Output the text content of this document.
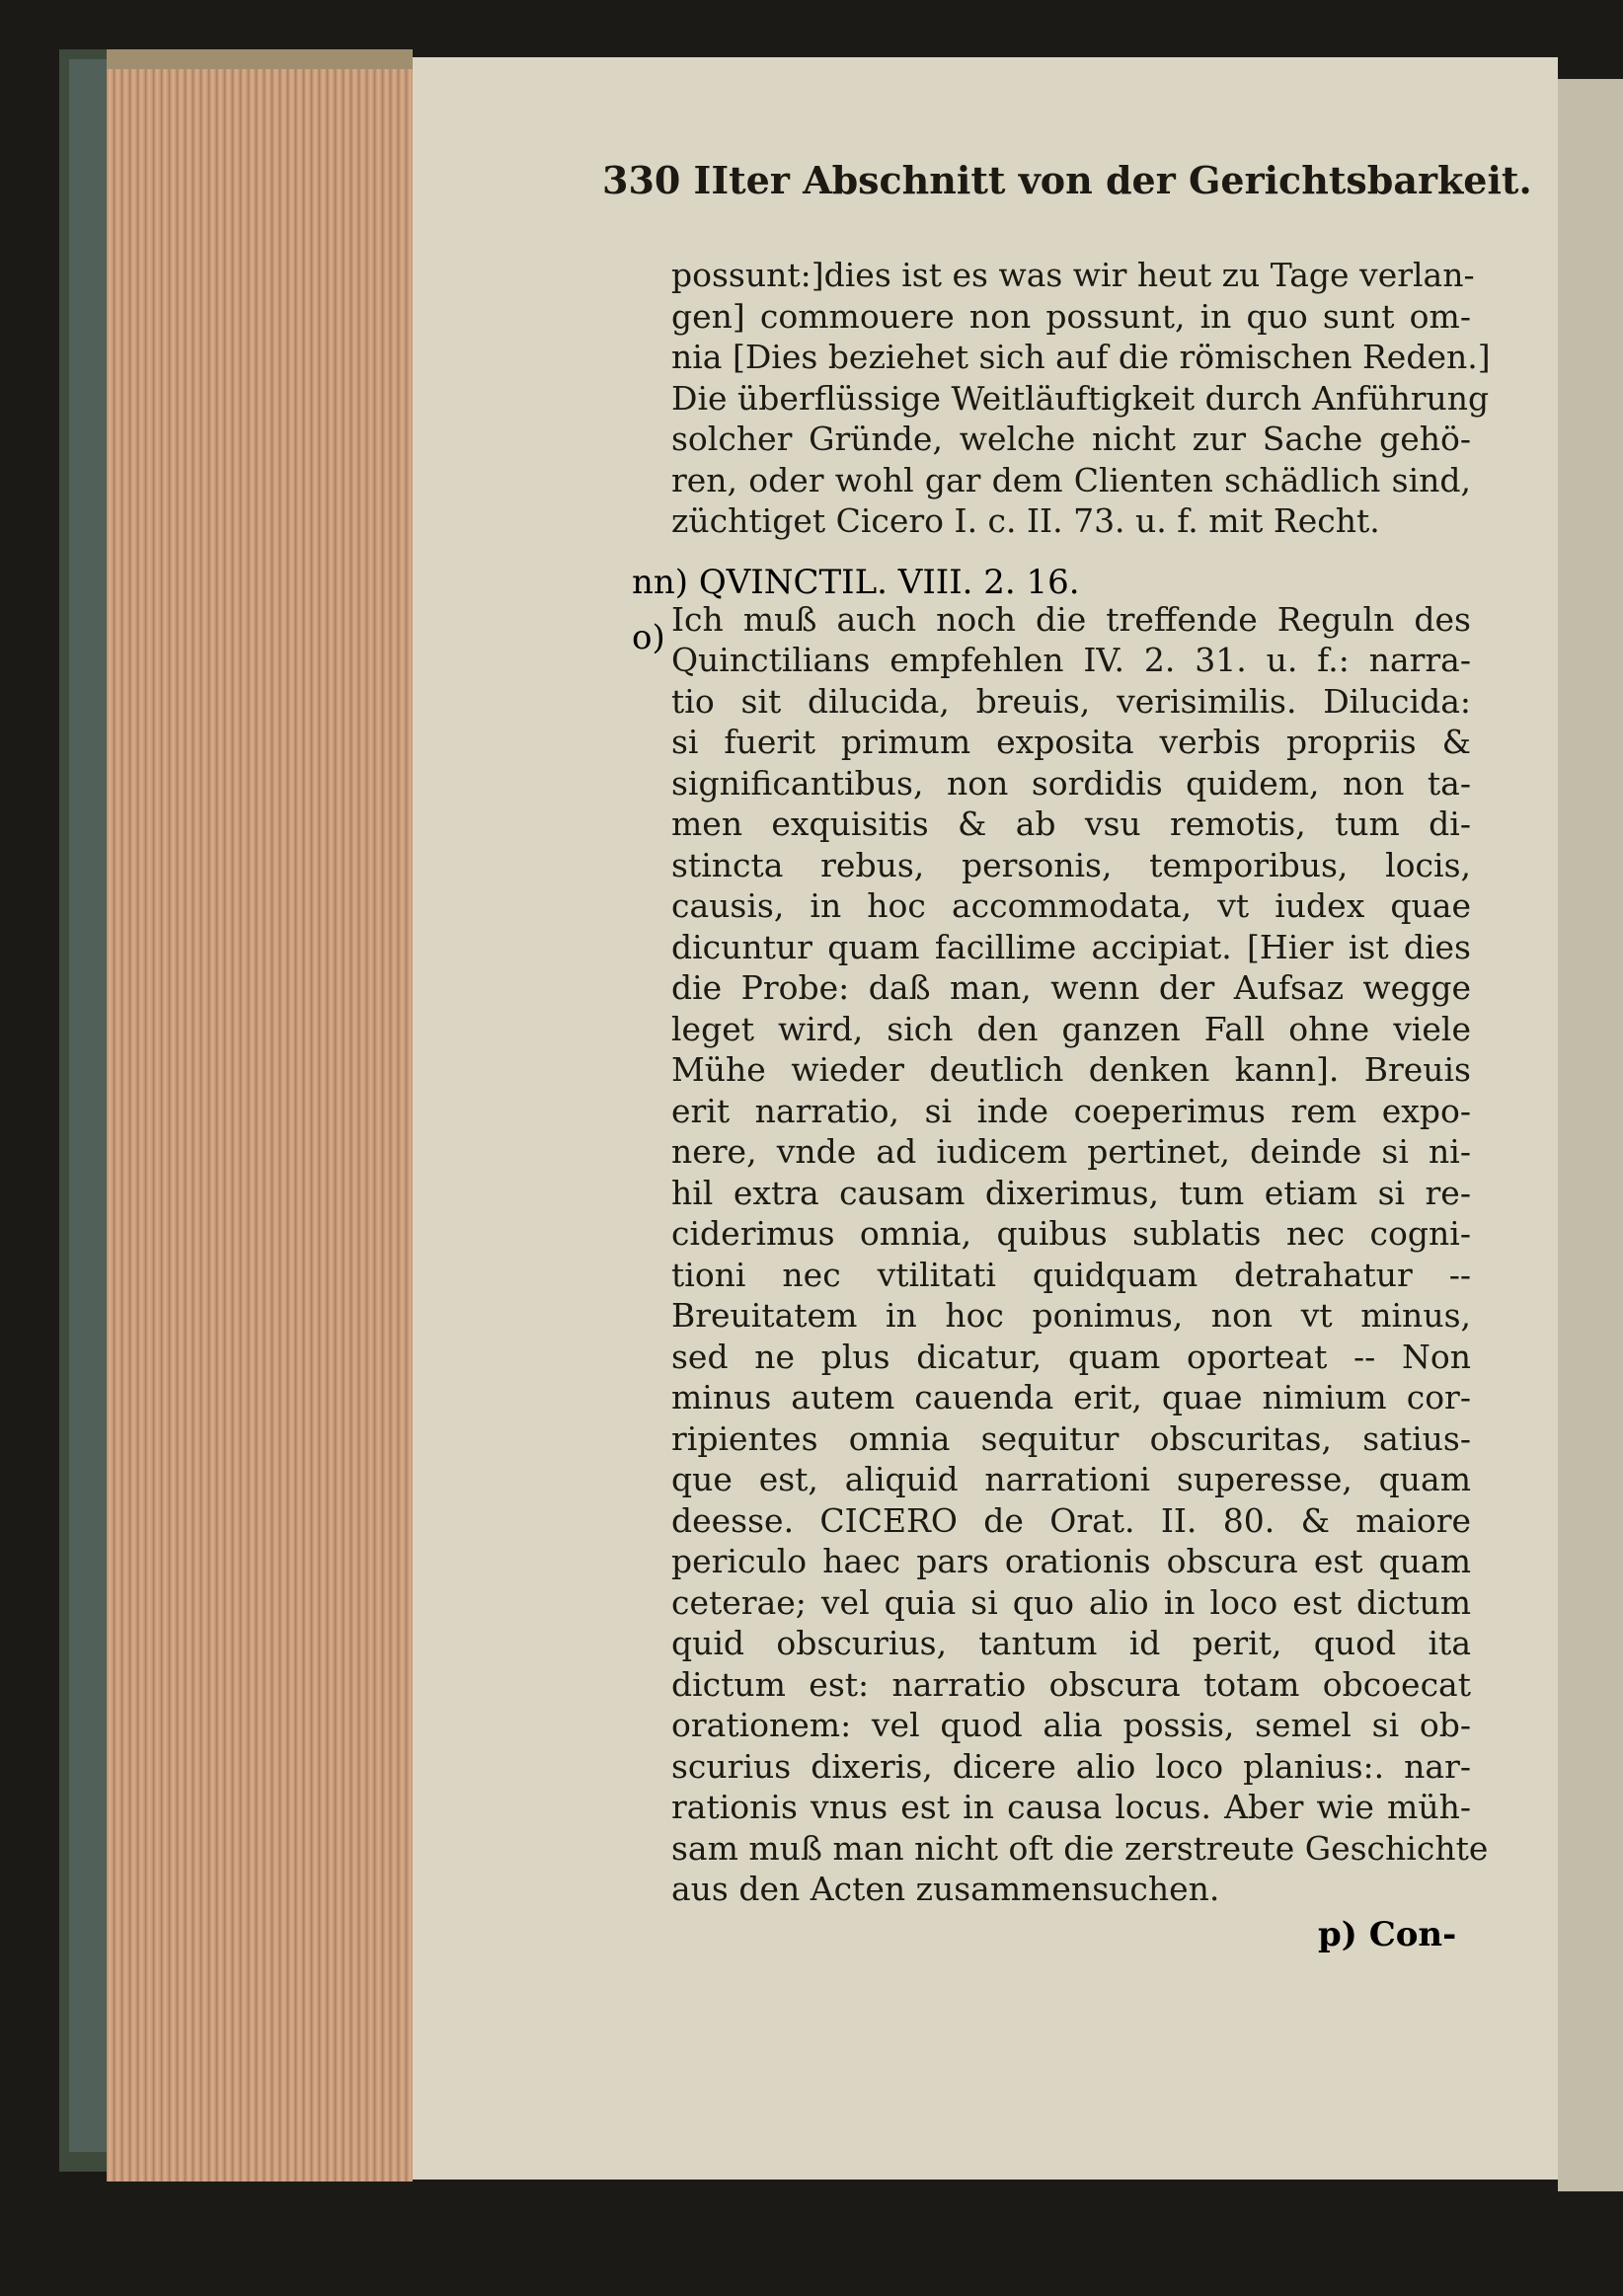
330 IIter Abschnitt von der Gerichtsbarkeit.
possunt:]dies ist es was wir heut zu Tage verlan-
gen] commouere non possunt, in quo sunt om-
nia [Dies beziehet sich auf die römischen Reden.]
Die überflüssige Weitläuftigkeit durch Anführung
solcher Gründe, welche nicht zur Sache gehö-
ren, oder wohl gar dem Clienten schädlich sind,
züchtiget Cicero I. c. II. 73. u. f. mit Recht.
Ich muß auch noch die treffende Reguln des
Quinctilians empfehlen IV. 2. 31. u. f.: narra-
tio sit dilucida, breuis, verisimilis. Dilucida:
si fuerit primum exposita verbis propriis &
significantibus, non sordidis quidem, non ta-
men exquisitis & ab vsu remotis, tum di-
stincta rebus, personis, temporibus, locis,
causis, in hoc accommodata, vt iudex quae
dicuntur quam facillime accipiat. [Hier ist dies
die Probe: daß man, wenn der Aufsaz wegge
leget wird, sich den ganzen Fall ohne viele
Mühe wieder deutlich denken kann]. Breuis
erit narratio, si inde coeperimus rem expo-
nere, vnde ad iudicem pertinet, deinde si ni-
hil extra causam dixerimus, tum etiam si re-
ciderimus omnia, quibus sublatis nec cogni-
tioni nec vtilitati quidquam detrahatur --
Breuitatem in hoc ponimus, non vt minus,
sed ne plus dicatur, quam oporteat -- Non
minus autem cauenda erit, quae nimium cor-
ripientes omnia sequitur obscuritas, satius-
que est, aliquid narrationi superesse, quam
deesse. CICERO de Orat. II. 80. & maiore
periculo haec pars orationis obscura est quam
ceterae; vel quia si quo alio in loco est dictum
quid obscurius, tantum id perit, quod ita
dictum est: narratio obscura totam obcoecat
orationem: vel quod alia possis, semel si ob-
scurius dixeris, dicere alio loco planius:. nar-
rationis vnus est in causa locus. Aber wie müh-
sam muß man nicht oft die zerstreute Geschichte
aus den Acten zusammensuchen.
nn) QVINCTIL. VIII. 2. 16.
o)
p) Con-
